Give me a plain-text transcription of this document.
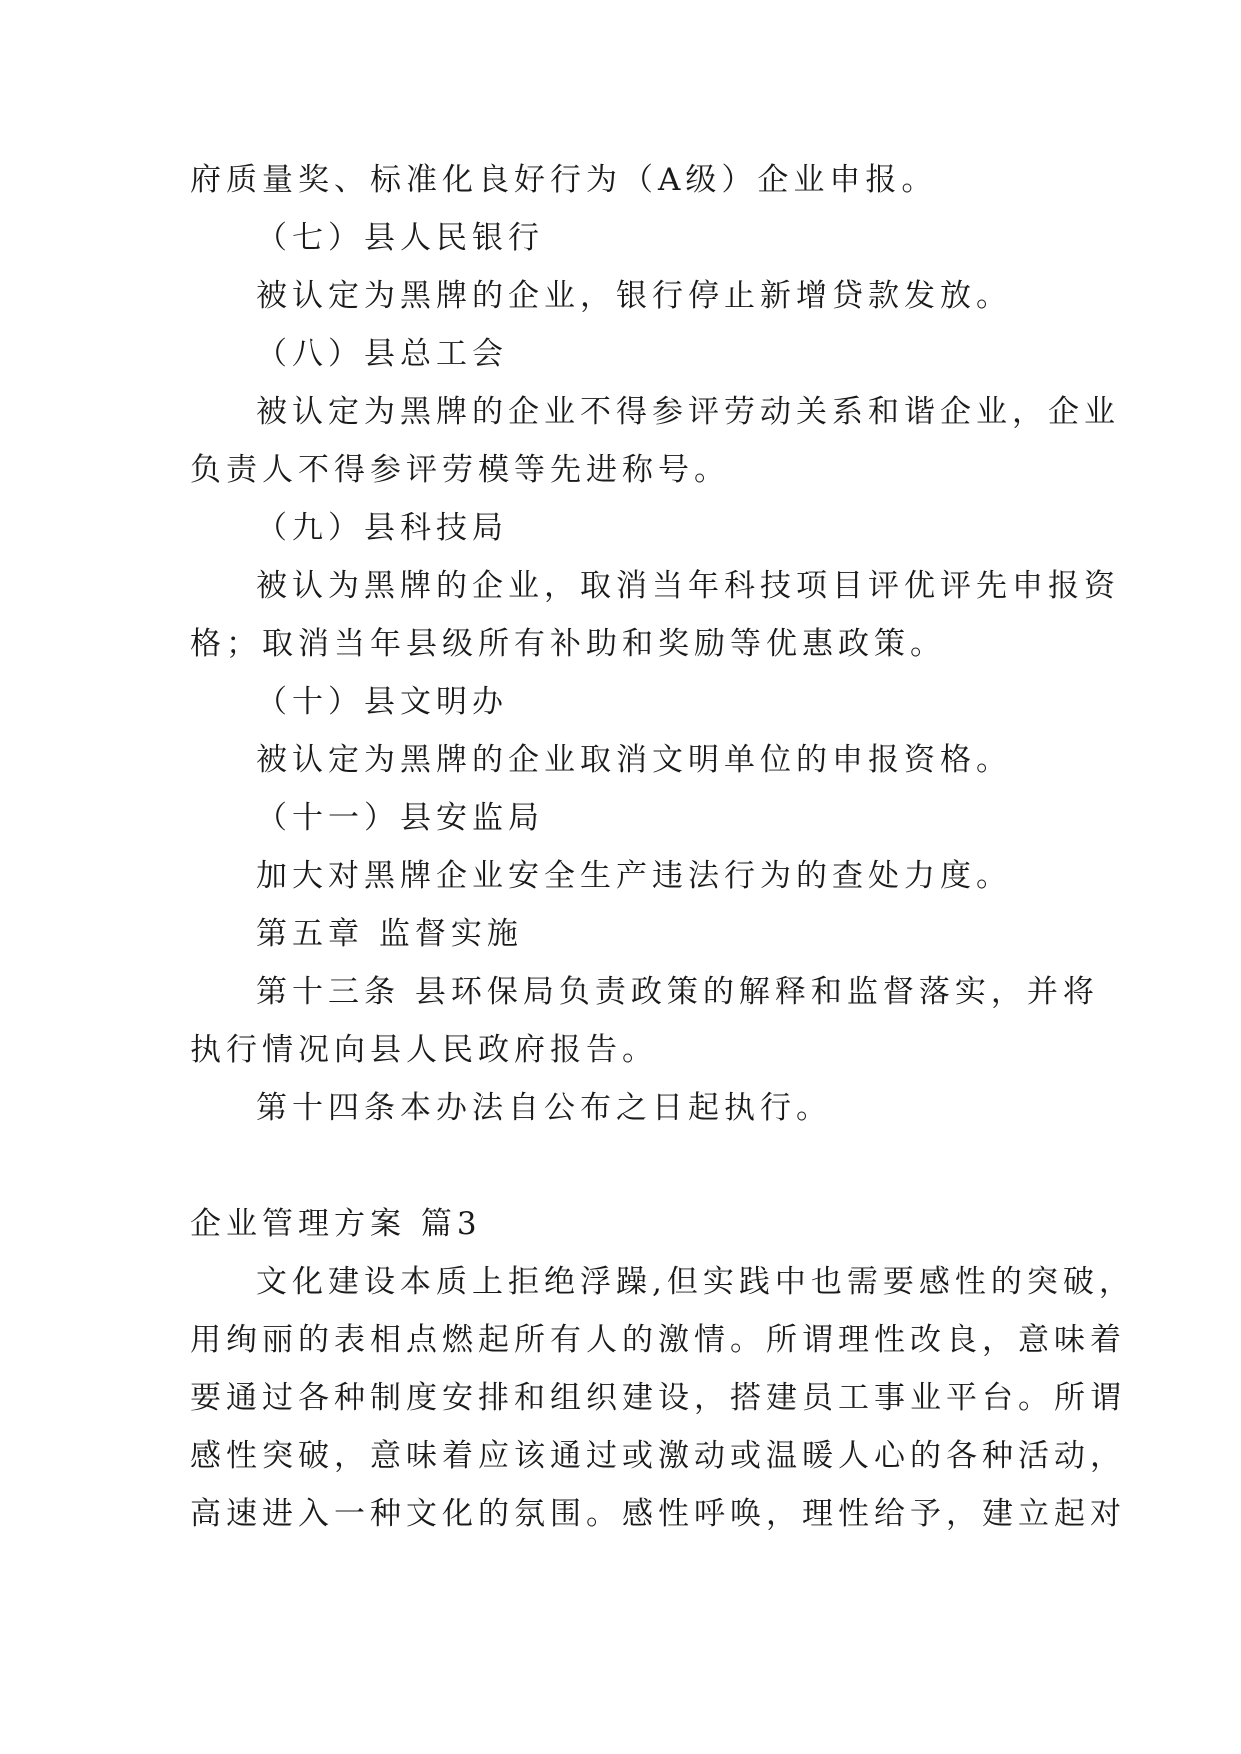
府质量奖、标准化良好行为（A级）企业申报。
（七）县人民银行
被认定为黑牌的企业，银行停止新增贷款发放。
（八）县总工会
被认定为黑牌的企业不得参评劳动关系和谐企业，企业
负责人不得参评劳模等先进称号。
（九）县科技局
被认为黑牌的企业，取消当年科技项目评优评先申报资
格；取消当年县级所有补助和奖励等优惠政策。
（十）县文明办
被认定为黑牌的企业取消文明单位的申报资格。
（十一）县安监局
加大对黑牌企业安全生产违法行为的查处力度。
第五章 监督实施
第十三条 县环保局负责政策的解释和监督落实，并将
执行情况向县人民政府报告。
第十四条本办法自公布之日起执行。
企业管理方案 篇3
文化建设本质上拒绝浮躁,但实践中也需要感性的突破，
用绚丽的表相点燃起所有人的激情。所谓理性改良，意味着
要通过各种制度安排和组织建设，搭建员工事业平台。所谓
感性突破，意味着应该通过或激动或温暖人心的各种活动，
高速进入一种文化的氛围。感性呼唤，理性给予，建立起对
